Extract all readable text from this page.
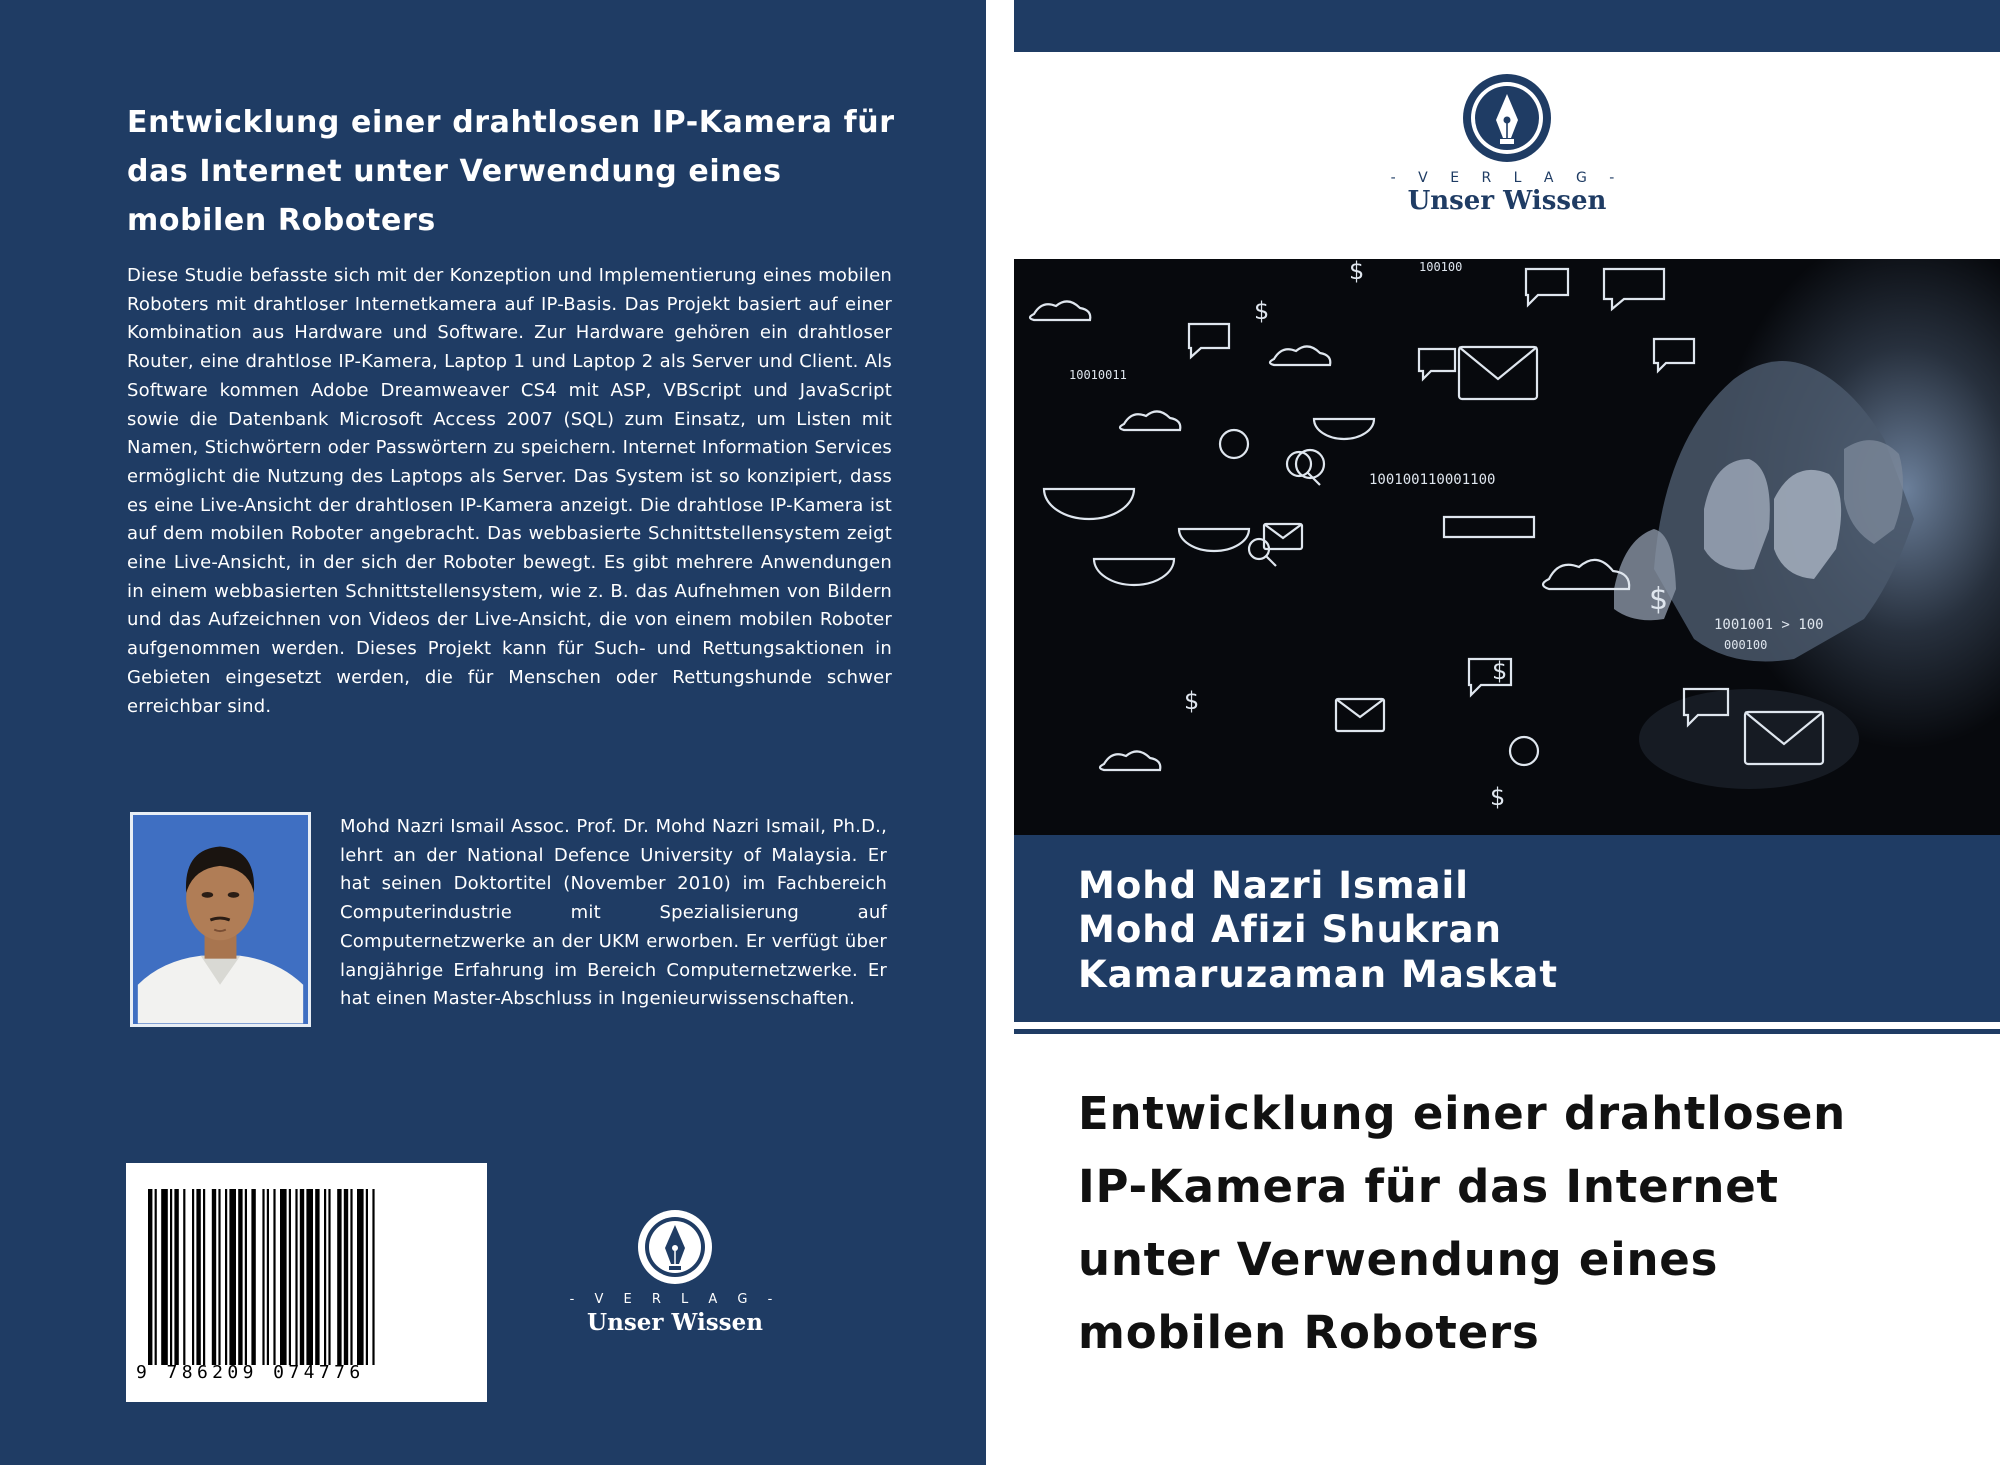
Entwicklung einer drahtlosen IP-Kamera für das Internet unter Verwendung eines mobilen Roboters

Diese Studie befasste sich mit der Konzeption und Implementierung eines mobilen Roboters mit drahtloser Internetkamera auf IP-Basis. Das Projekt basiert auf einer Kombination aus Hardware und Software. Zur Hardware gehören ein drahtloser Router, eine drahtlose IP-Kamera, Laptop 1 und Laptop 2 als Server und Client. Als Software kommen Adobe Dreamweaver CS4 mit ASP, VBScript und JavaScript sowie die Datenbank Microsoft Access 2007 (SQL) zum Einsatz, um Listen mit Namen, Stichwörtern oder Passwörtern zu speichern. Internet Information Services ermöglicht die Nutzung des Laptops als Server. Das System ist so konzipiert, dass es eine Live-Ansicht der drahtlosen IP-Kamera anzeigt. Die drahtlose IP-Kamera ist auf dem mobilen Roboter angebracht. Das webbasierte Schnittstellensystem zeigt eine Live-Ansicht, in der sich der Roboter bewegt. Es gibt mehrere Anwendungen in einem webbasierten Schnittstellensystem, wie z. B. das Aufnehmen von Bildern und das Aufzeichnen von Videos der Live-Ansicht, die von einem mobilen Roboter aufgenommen werden. Dieses Projekt kann für Such- und Rettungsaktionen in Gebieten eingesetzt werden, die für Menschen oder Rettungshunde schwer erreichbar sind.

Mohd Nazri Ismail Assoc. Prof. Dr. Mohd Nazri Ismail, Ph.D., lehrt an der National Defence University of Malaysia. Er hat seinen Doktortitel (November 2010) im Fachbereich Computerindustrie mit Spezialisierung auf Computernetzwerke an der UKM erworben. Er verfügt über langjährige Erfahrung im Bereich Computernetzwerke. Er hat einen Master-Abschluss in Ingenieurwissenschaften.

9 786209 074776
- V E R L A G -
Unser Wissen
- V E R L A G -
Unser Wissen
100100
10010011
100100110001100
1001001 > 100
000100
$
$
$
$
$
$
Mohd Nazri Ismail
Mohd Afizi Shukran
Kamaruzaman Maskat
Entwicklung einer drahtlosen
IP-Kamera für das Internet
unter Verwendung eines
mobilen Roboters
